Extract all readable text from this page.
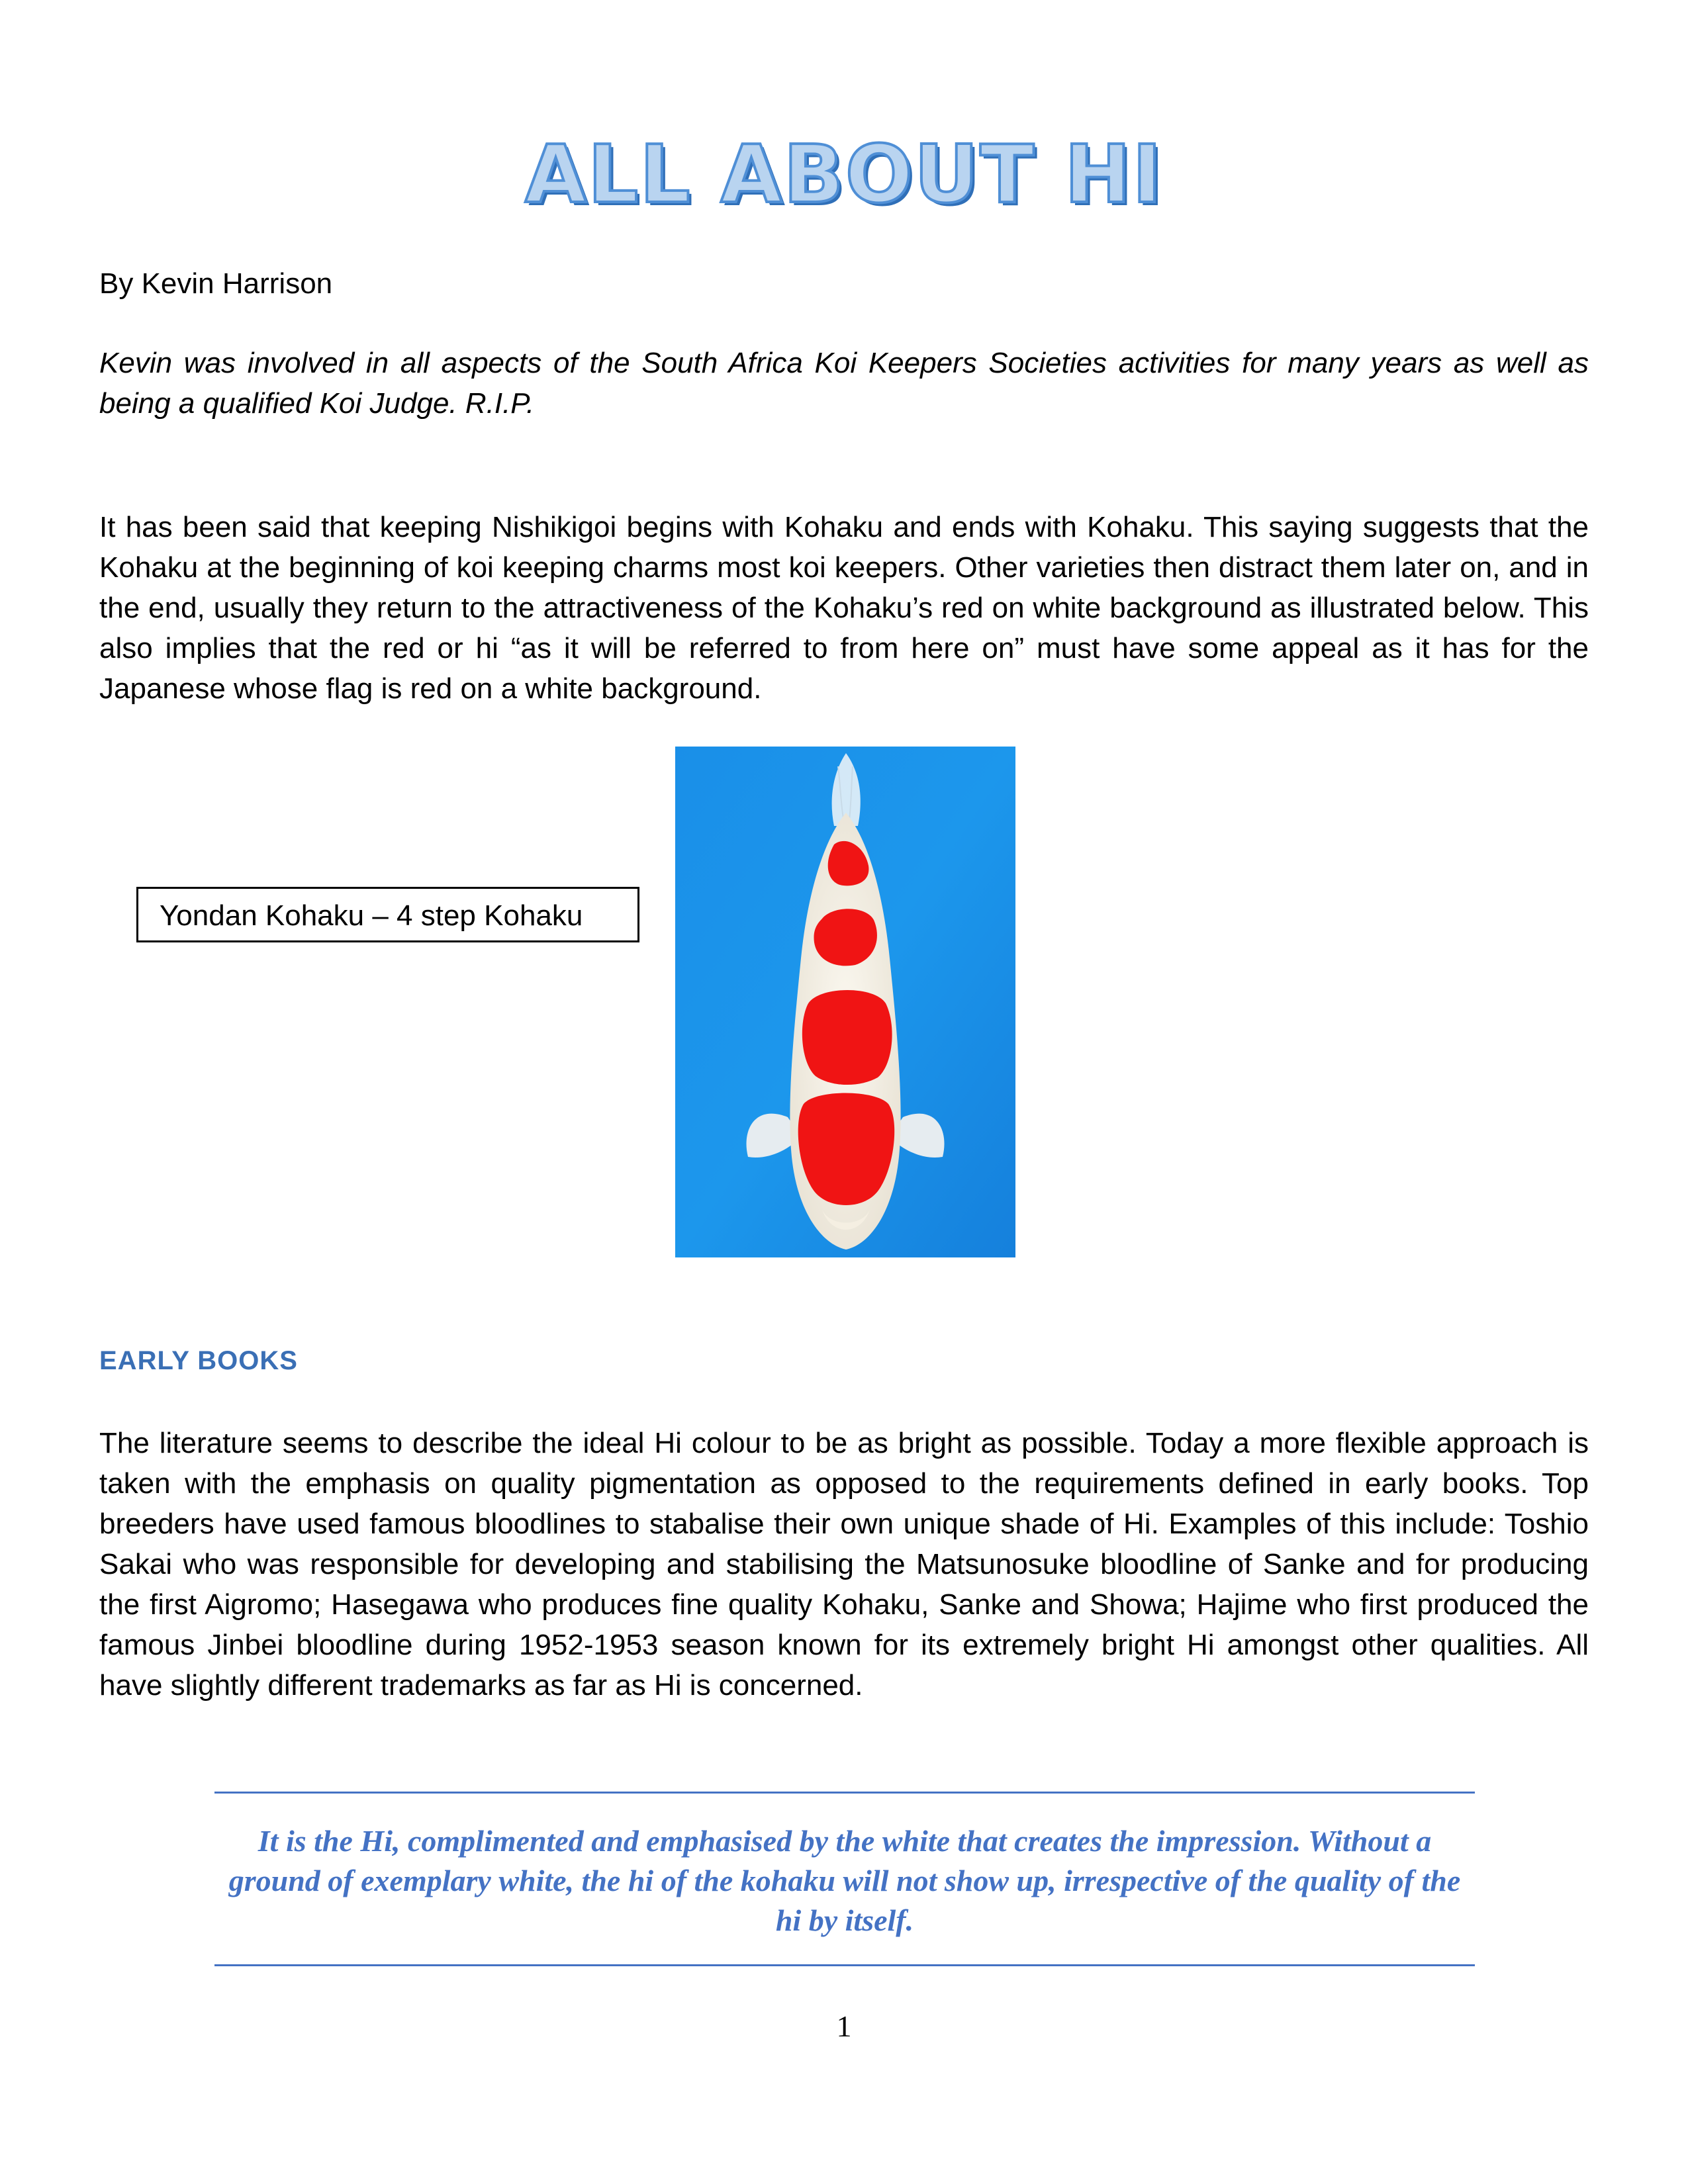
ALL ABOUT HI
By Kevin Harrison
Kevin was involved in all aspects of the South Africa Koi Keepers Societies activities for many years as well as being a qualified Koi Judge. R.I.P.
It has been said that keeping Nishikigoi begins with Kohaku and ends with Kohaku. This saying suggests that the Kohaku at the beginning of koi keeping charms most koi keepers. Other varieties then distract them later on, and in the end, usually they return to the attractiveness of the Kohaku’s red on white background as illustrated below. This also implies that the red or hi “as it will be referred to from here on” must have some appeal as it has for the Japanese whose flag is red on a white background.
Yondan Kohaku – 4 step Kohaku
EARLY BOOKS
The literature seems to describe the ideal Hi colour to be as bright as possible. Today a more flexible approach is taken with the emphasis on quality pigmentation as opposed to the requirements defined in early books. Top breeders have used famous bloodlines to stabalise their own unique shade of Hi. Examples of this include: Toshio Sakai who was responsible for developing and stabilising the Matsunosuke bloodline of Sanke and for producing the first Aigromo; Hasegawa who produces fine quality Kohaku, Sanke and Showa; Hajime who first produced the famous Jinbei bloodline during 1952-1953 season known for its extremely bright Hi amongst other qualities. All have slightly different trademarks as far as Hi is concerned.
It is the Hi, complimented and emphasised by the white that creates the impression. Without a ground of exemplary white, the hi of the kohaku will not show up, irrespective of the quality of the hi by itself.
1
